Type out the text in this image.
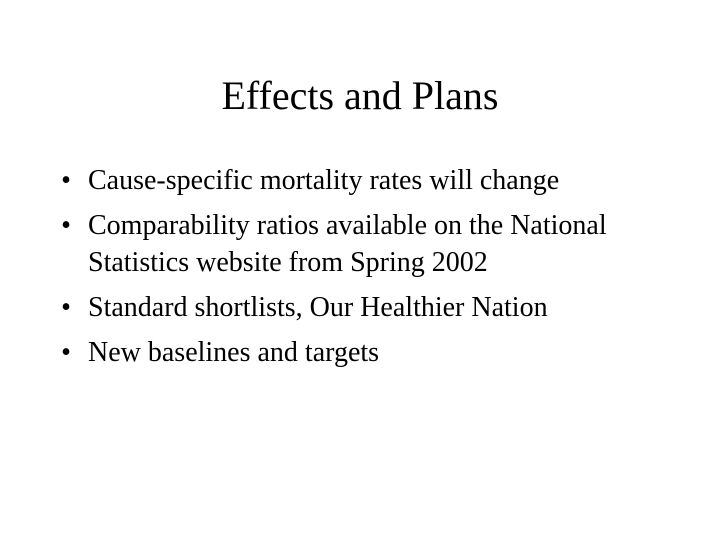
Effects and Plans
• Cause-specific mortality rates will change
• Comparability ratios available on the National Statistics website from Spring 2002
• Standard shortlists, Our Healthier Nation
• New baselines and targets
